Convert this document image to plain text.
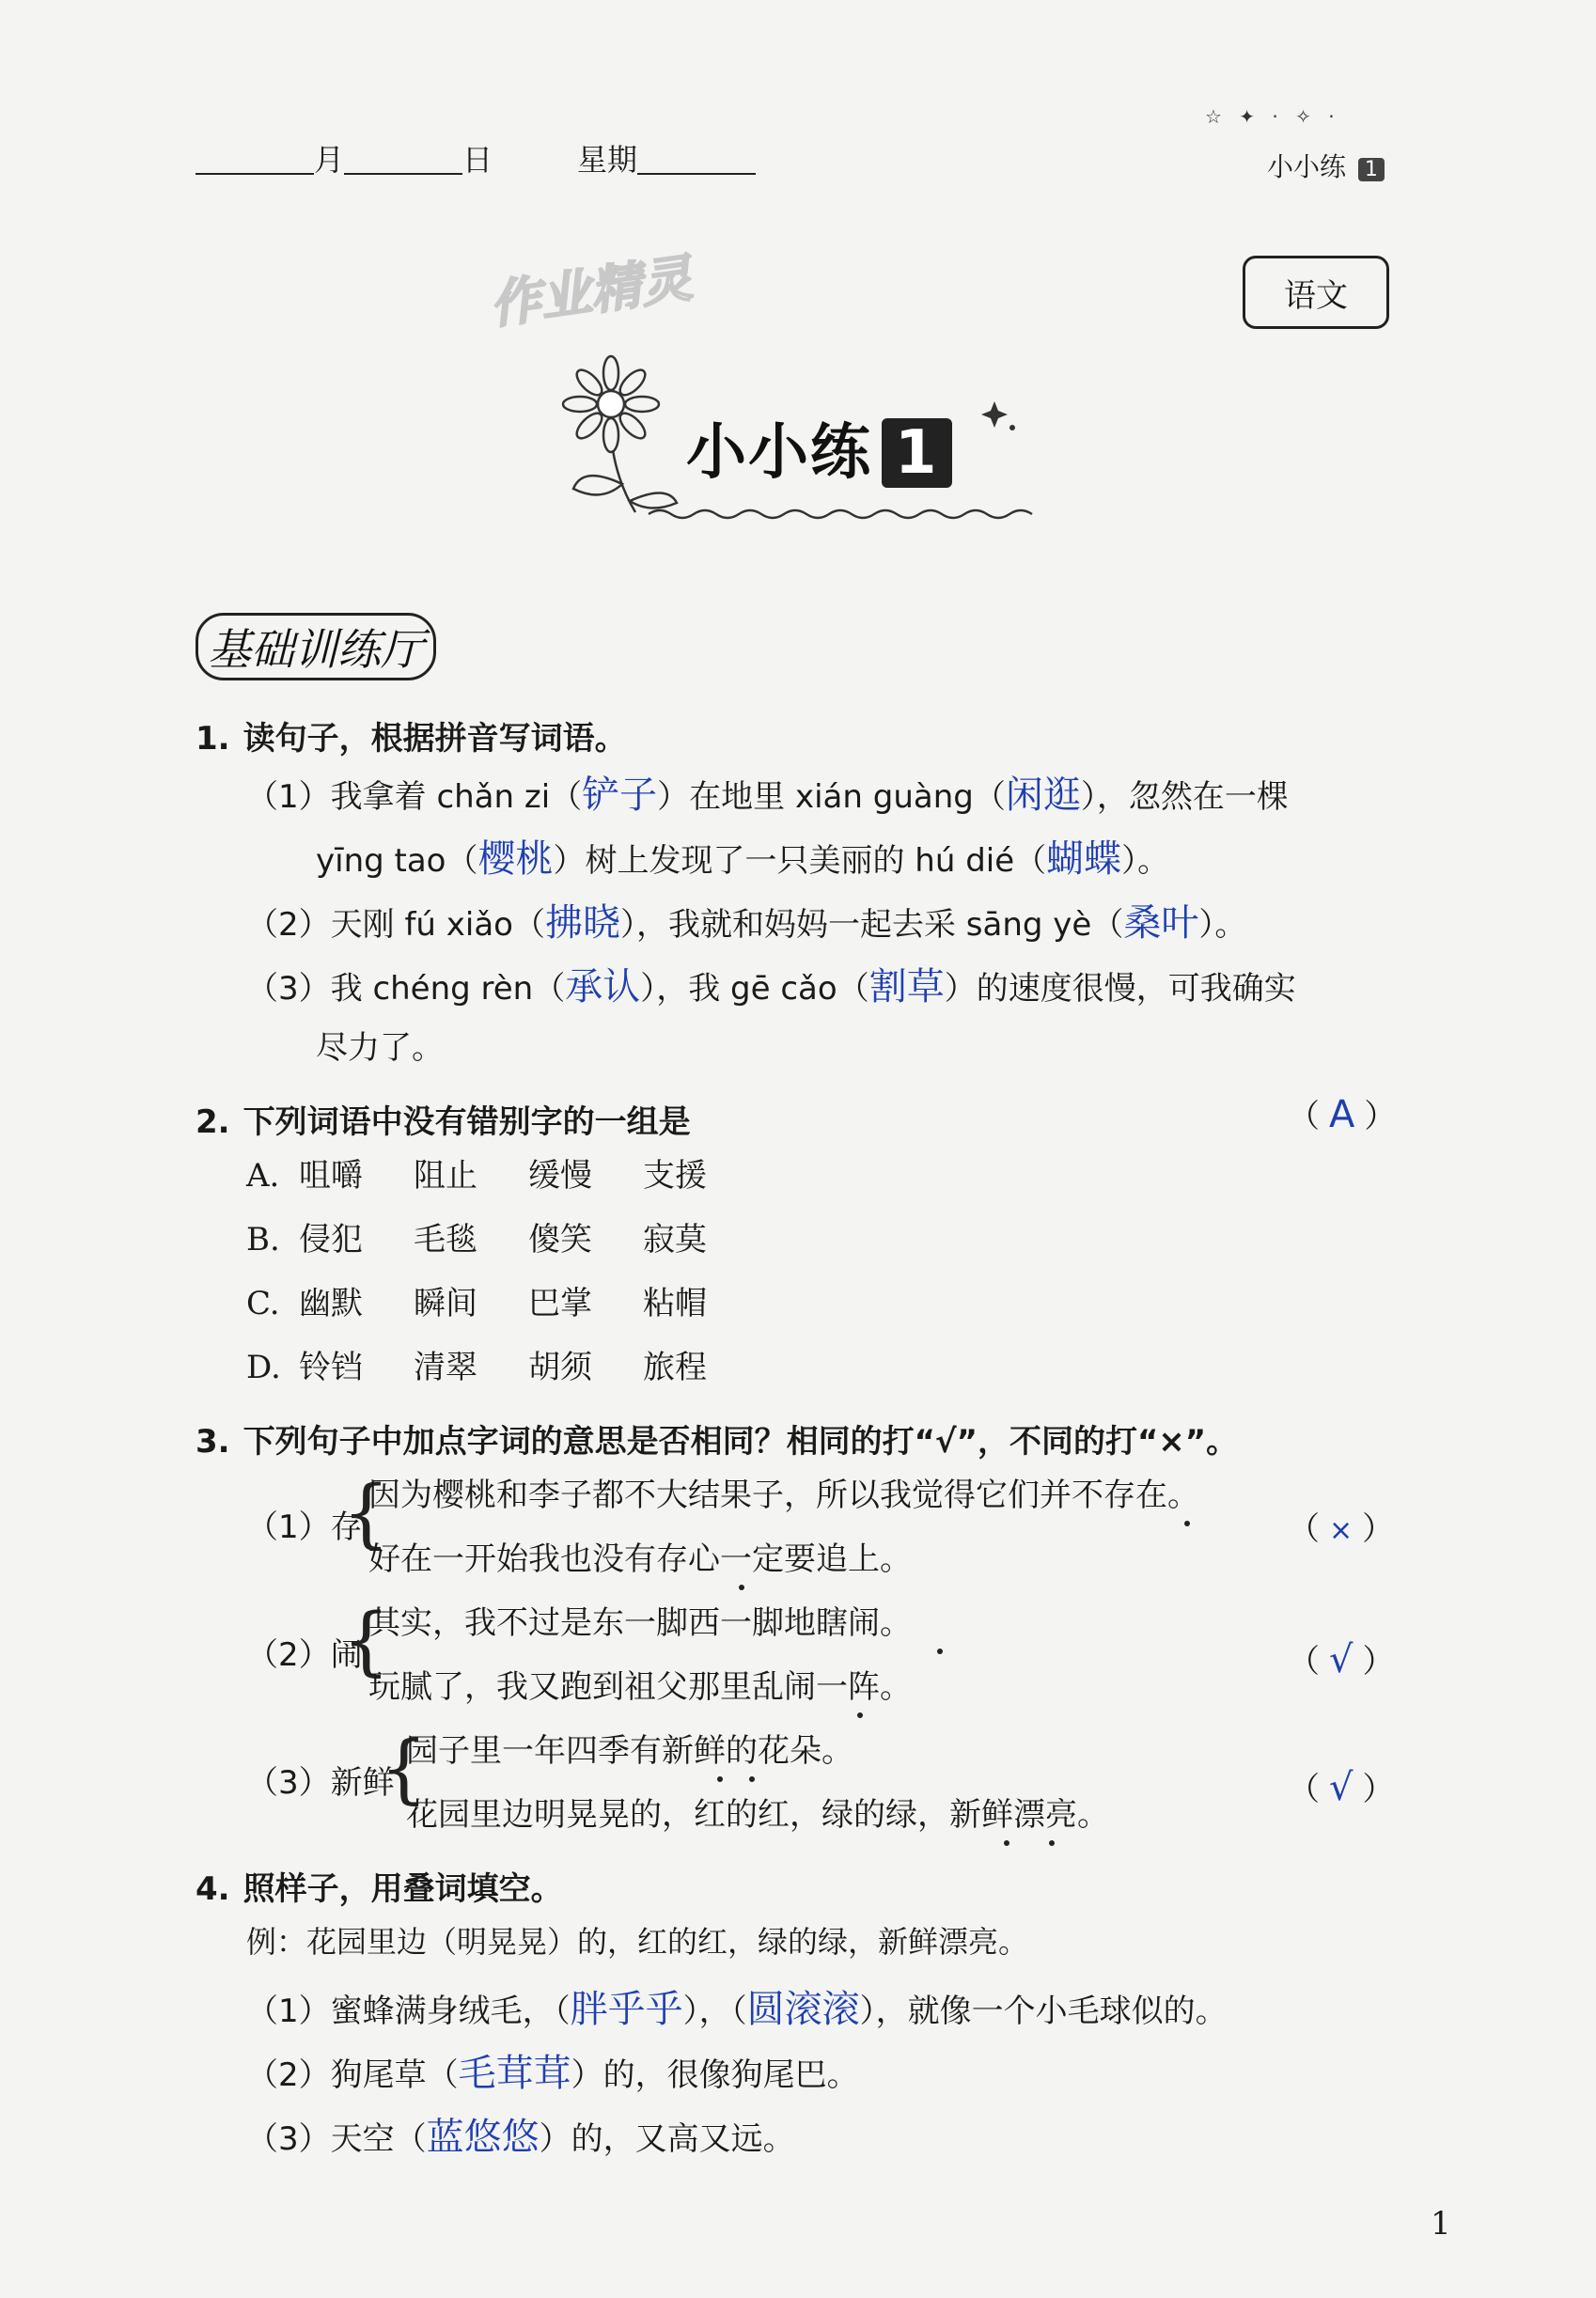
月	日	星期
☆ ✦ · ✧ ·
小小练 1
语文
作业精灵
小小练 1
基础训练厅
1. 读句子，根据拼音写词语。
（1）我拿着 chǎn zi（铲子）在地里 xián guàng（闲逛），忽然在一棵
yīng tao（樱桃）树上发现了一只美丽的 hú dié（蝴蝶）。
（2）天刚 fú xiǎo（拂晓），我就和妈妈一起去采 sāng yè（桑叶）。
（3）我 chéng rèn（承认），我 gē cǎo（割草）的速度很慢，可我确实
尽力了。
2. 下列词语中没有错别字的一组是	（ A ）
A. 咀嚼 阻止 缓慢 支援
B. 侵犯 毛毯 傻笑 寂莫
C. 幽默 瞬间 巴掌 粘帽
D. 铃铛 清翠 胡须 旅程
3. 下列句子中加点字词的意思是否相同？相同的打“√”，不同的打“×”。
（1）存
{
因为樱桃和李子都不大结果子，所以我觉得它们并不存在。
好在一开始我也没有存心一定要追上。
（ × ）
（2）闹
{
其实，我不过是东一脚西一脚地瞎闹。
玩腻了，我又跑到祖父那里乱闹一阵。
（ √ ）
（3）新鲜
{
园子里一年四季有新鲜的花朵。
花园里边明晃晃的，红的红，绿的绿，新鲜漂亮。
（ √ ）
4. 照样子，用叠词填空。
例：花园里边（明晃晃）的，红的红，绿的绿，新鲜漂亮。
（1）蜜蜂满身绒毛，（胖乎乎），（圆滚滚），就像一个小毛球似的。
（2）狗尾草（毛茸茸）的，很像狗尾巴。
（3）天空（蓝悠悠）的，又高又远。
1
